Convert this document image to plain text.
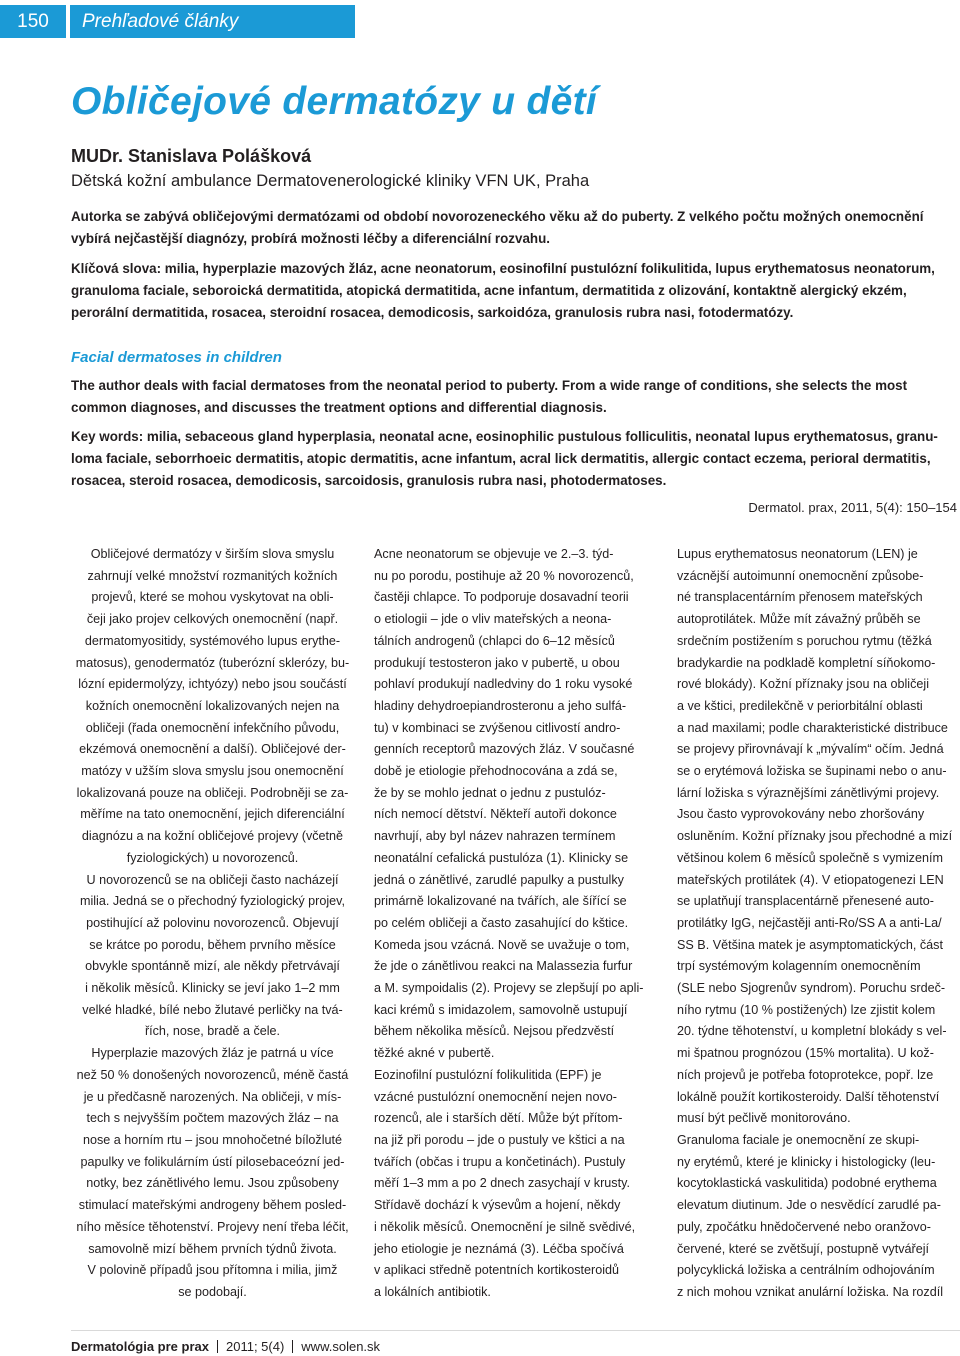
150	Prehľadové články
Obličejové dermatózy u dětí
MUDr. Stanislava Polášková
Dětská kožní ambulance Dermatovenerologické kliniky VFN UK, Praha
Autorka se zabývá obličejovými dermatózami od období novorozeneckého věku až do puberty. Z velkého počtu možných onemocnění
vybírá nejčastější diagnózy, probírá možnosti léčby a diferenciální rozvahu.
Klíčová slova: milia, hyperplazie mazových žláz, acne neonatorum, eosinofilní pustulózní folikulitida, lupus erythematosus neonatorum,
granuloma faciale, seboroická dermatitida, atopická dermatitida, acne infantum, dermatitida z olizování, kontaktně alergický ekzém,
perorální dermatitida, rosacea, steroidní rosacea, demodicosis, sarkoidóza, granulosis rubra nasi, fotodermatózy.
Facial dermatoses in children
The author deals with facial dermatoses from the neonatal period to puberty. From a wide range of conditions, she selects the most
common diagnoses, and discusses the treatment options and differential diagnosis.
Key words: milia, sebaceous gland hyperplasia, neonatal acne, eosinophilic pustulous folliculitis, neonatal lupus erythematosus, granu-
loma faciale, seborrhoeic dermatitis, atopic dermatitis, acne infantum, acral lick dermatitis, allergic contact eczema, perioral dermatitis,
rosacea, steroid rosacea, demodicosis, sarcoidosis, granulosis rubra nasi, photodermatoses.
Dermatol. prax, 2011, 5(4): 150–154
Obličejové dermatózy v širším slova smyslu
zahrnují velké množství rozmanitých kožních
projevů, které se mohou vyskytovat na obli-
čeji jako projev celkových onemocnění (např.
dermatomyositidy, systémového lupus erythe-
matosus), genodermatóz (tuberózní sklerózy, bu-
lózní epidermolýzy, ichtyózy) nebo jsou součástí
kožních onemocnění lokalizovaných nejen na
obličeji (řada onemocnění infekčního původu,
ekzémová onemocnění a další). Obličejové der-
matózy v užším slova smyslu jsou onemocnění
lokalizovaná pouze na obličeji. Podrobněji se za-
měříme na tato onemocnění, jejich diferenciální
diagnózu a na kožní obličejové projevy (včetně
fyziologických) u novorozenců.
U novorozenců se na obličeji často nacházejí
milia. Jedná se o přechodný fyziologický projev,
postihující až polovinu novorozenců. Objevují
se krátce po porodu, během prvního měsíce
obvykle spontánně mizí, ale někdy přetrvávají
i několik měsíců. Klinicky se jeví jako 1–2 mm
velké hladké, bílé nebo žlutavé perličky na tvá-
řích, nose, bradě a čele.
Hyperplazie mazových žláz je patrná u více
než 50 % donošených novorozenců, méně častá
je u předčasně narozených. Na obličeji, v mís-
tech s nejvyšším počtem mazových žláz – na
nose a horním rtu – jsou mnohočetné bíložluté
papulky ve folikulárním ústí pilosebaceózní jed-
notky, bez zánětlivého lemu. Jsou způsobeny
stimulací mateřskými androgeny během posled-
ního měsíce těhotenství. Projevy není třeba léčit,
samovolně mizí během prvních týdnů života.
V polovině případů jsou přítomna i milia, jimž
se podobají.
Acne neonatorum se objevuje ve 2.–3. týd-
nu po porodu, postihuje až 20 % novorozenců,
častěji chlapce. To podporuje dosavadní teorii
o etiologii – jde o vliv mateřských a neona-
tálních androgenů (chlapci do 6–12 měsíců
produkují testosteron jako v pubertě, u obou
pohlaví produkují nadledviny do 1 roku vysoké
hladiny dehydroepiandrosteronu a jeho sulfá-
tu) v kombinaci se zvýšenou citlivostí andro-
genních receptorů mazových žláz. V současné
době je etiologie přehodnocována a zdá se,
že by se mohlo jednat o jednu z pustulóz-
ních nemocí dětství. Někteří autoři dokonce
navrhují, aby byl název nahrazen termínem
neonatální cefalická pustulóza (1). Klinicky se
jedná o zánětlivé, zarudlé papulky a pustulky
primárně lokalizované na tvářích, ale šířící se
po celém obličeji a často zasahující do kštice.
Komeda jsou vzácná. Nově se uvažuje o tom,
že jde o zánětlivou reakci na Malassezia furfur
a M. sympoidalis (2). Projevy se zlepšují po apli-
kaci krémů s imidazolem, samovolně ustupují
během několika měsíců. Nejsou předzvěstí
těžké akné v pubertě.
Eozinofilní pustulózní folikulitida (EPF) je
vzácné pustulózní onemocnění nejen novo-
rozenců, ale i starších dětí. Může být přítom-
na již při porodu – jde o pustuly ve kštici a na
tvářích (občas i trupu a končetinách). Pustuly
měří 1–3 mm a po 2 dnech zasychají v krusty.
Střídavě dochází k výsevům a hojení, někdy
i několik měsíců. Onemocnění je silně svědivé,
jeho etiologie je neznámá (3). Léčba spočívá
v aplikaci středně potentních kortikosteroidů
a lokálních antibiotik.
Lupus erythematosus neonatorum (LEN) je
vzácnější autoimunní onemocnění způsobe-
né transplacentárním přenosem mateřských
autoprotilátek. Může mít závažný průběh se
srdečním postižením s poruchou rytmu (těžká
bradykardie na podkladě kompletní síňokomo-
rové blokády). Kožní příznaky jsou na obličeji
a ve kštici, predilekčně v periorbitální oblasti
a nad maxilami; podle charakteristické distribuce
se projevy přirovnávají k „mývalím“ očím. Jedná
se o erytémová ložiska se šupinami nebo o anu-
lární ložiska s výraznějšími zánětlivými projevy.
Jsou často vyprovokovány nebo zhoršovány
osluněním. Kožní příznaky jsou přechodné a mizí
většinou kolem 6 měsíců společně s vymizením
mateřských protilátek (4). V etiopatogenezi LEN
se uplatňují transplacentárně přenesené auto-
protilátky IgG, nejčastěji anti-Ro/SS A a anti-La/
SS B. Většina matek je asymptomatických, část
trpí systémovým kolagenním onemocněním
(SLE nebo Sjogrenův syndrom). Poruchu srdeč-
ního rytmu (10 % postižených) lze zjistit kolem
20. týdne těhotenství, u kompletní blokády s vel-
mi špatnou prognózou (15% mortalita). U kož-
ních projevů je potřeba fotoprotekce, popř. lze
lokálně použít kortikosteroidy. Další těhotenství
musí být pečlivě monitorováno.
Granuloma faciale je onemocnění ze skupi-
ny erytémů, které je klinicky i histologicky (leu-
kocytoklastická vaskulitida) podobné erythema
elevatum diutinum. Jde o nesvědící zarudlé pa-
puly, zpočátku hnědočervené nebo oranžovo-
červené, které se zvětšují, postupně vytvářejí
polycyklická ložiska a centrálním odhojováním
z nich mohou vznikat anulární ložiska. Na rozdíl
Dermatológia pre prax 2011; 5(4) www.solen.sk
